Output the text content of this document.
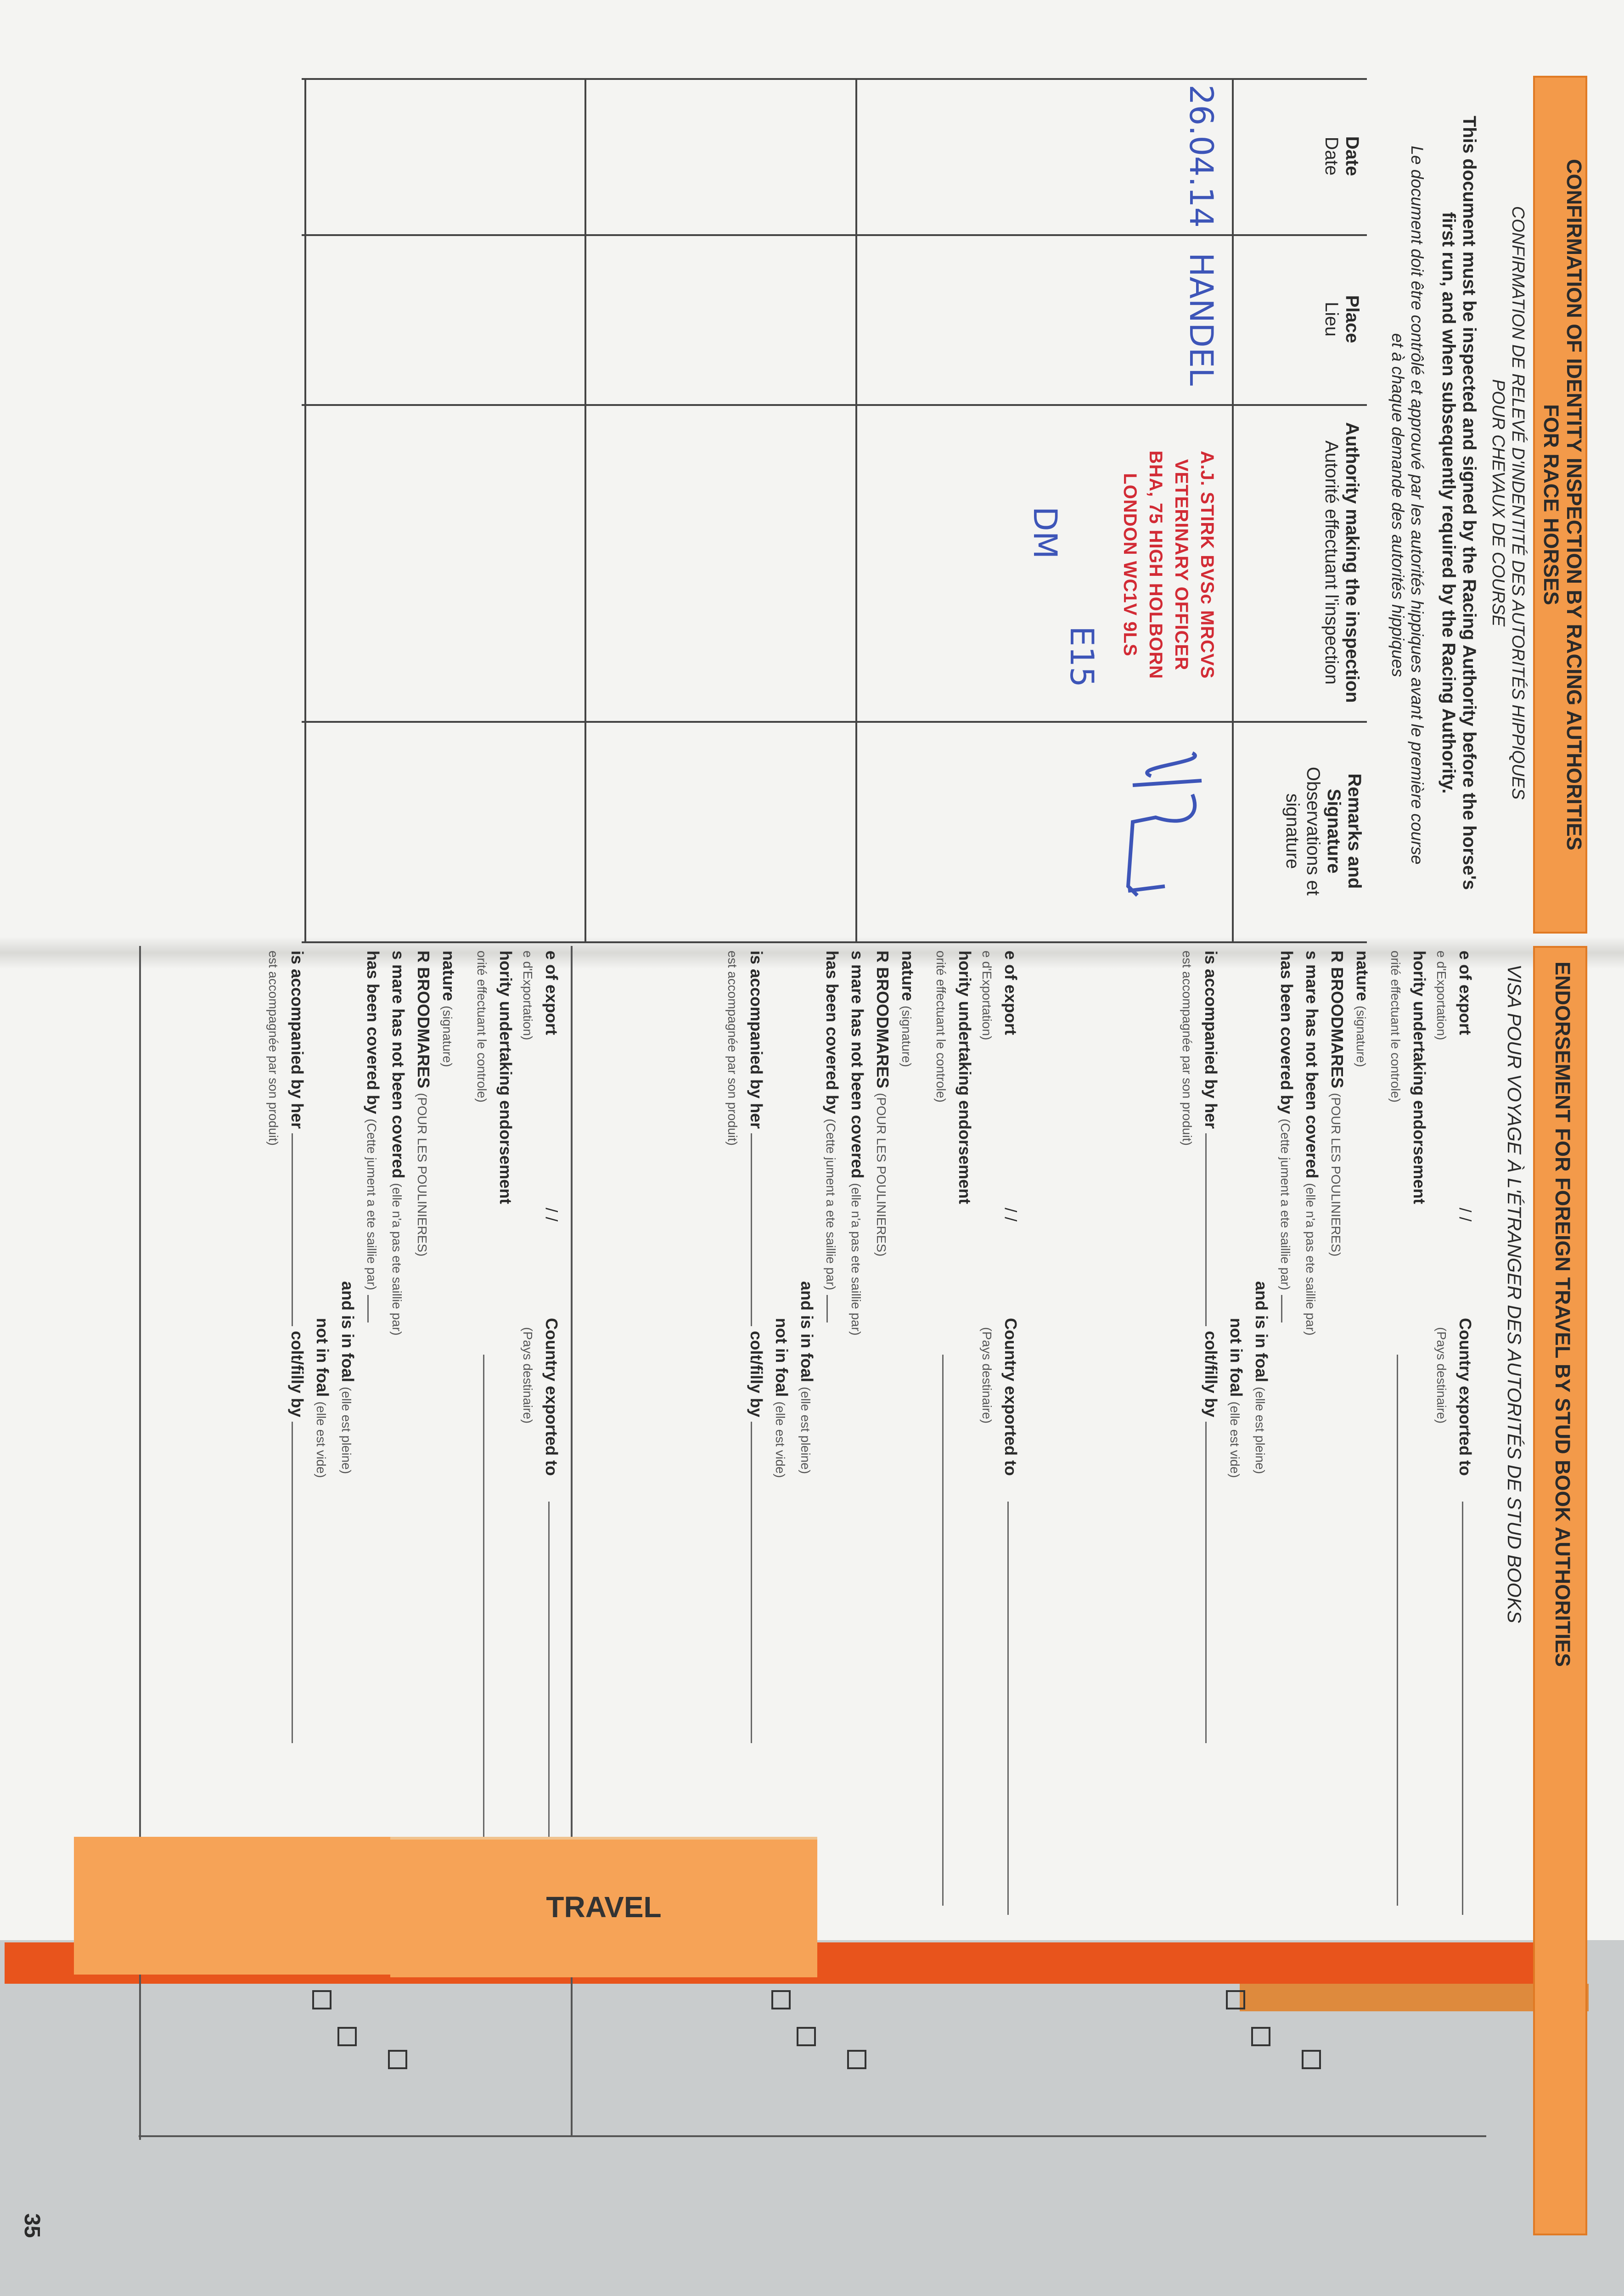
CONFIRMATION OF IDENTITY INSPECTION BY RACING AUTHORITIES
FOR RACE HORSES
CONFIRMATION DE RELEVÉ D'INDENTITÉ DES AUTORITÉS HIPPIQUES
POUR CHEVAUX DE COURSE
This document must be inspected and signed by the Racing Authority before the horse's
first run, and when subsequently required by the Racing Authority.
Le document doit être contrôlé et approuvé par les autorités hippiques avant le première course
et à chaque demande des autorités hippiques
Date
Date
Place
Lieu
Authority making the inspection
Autorité effectuant l'inspection
Remarks and Signature
Observations et signature
26.04.14
HANDEL
A.J. STIRK BVSc MRCVS
VETERINARY OFFICER
BHA, 75 HIGH HOLBORN
LONDON WC1V 9LS
E15
DM
ENDORSEMENT FOR FOREIGN TRAVEL BY STUD BOOK AUTHORITIES
VISA POUR VOYAGE À L'ÉTRANGER DES AUTORITÉS DE STUD BOOKS
e of export
/ /
Country exported to
e d'Exportation)
(Pays destinaire)
hority undertaking endorsement
orité effectuant le controle)
nature (signature)
R BROODMARES (POUR LES POULINIERES)
s mare has not been covered (elle n'a pas ete saillie par)
has been covered by (Cette jument a ete saillie par)
and is in foal (elle est pleine)
not in foal (elle est vide)
is accompanied by her  colt/filly by
est accompagnée par son produit)
e of export
/ /
Country exported to
e d'Exportation)
(Pays destinaire)
hority undertaking endorsement
orité effectuant le controle)
nature (signature)
R BROODMARES (POUR LES POULINIERES)
s mare has not been covered (elle n'a pas ete saillie par)
has been covered by (Cette jument a ete saillie par)
and is in foal (elle est pleine)
not in foal (elle est vide)
is accompanied by her  colt/filly by
est accompagnée par son produit)
e of export
/ /
Country exported to
e d'Exportation)
(Pays destinaire)
hority undertaking endorsement
orité effectuant le controle)
nature (signature)
R BROODMARES (POUR LES POULINIERES)
s mare has not been covered (elle n'a pas ete saillie par)
has been covered by (Cette jument a ete saillie par)
and is in foal (elle est pleine)
not in foal (elle est vide)
is accompanied by her  colt/filly by
est accompagnée par son produit)
35
TRAVEL
